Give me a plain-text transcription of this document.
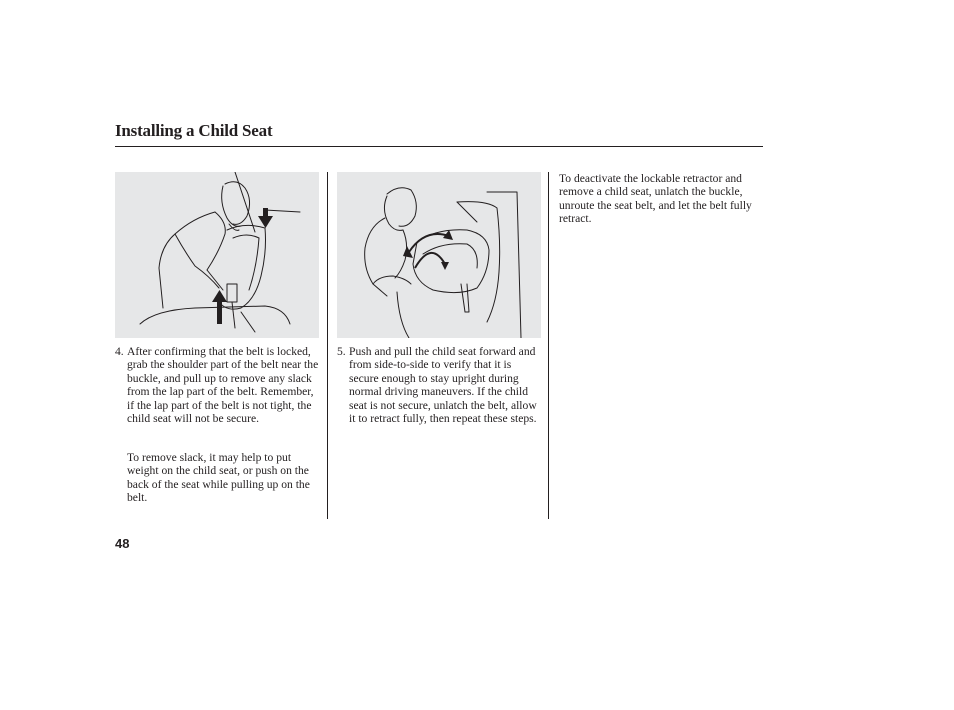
Installing a Child Seat
4. After confirming that the belt is locked, grab the shoulder part of the belt near the buckle, and pull up to remove any slack from the lap part of the belt. Remember, if the lap part of the belt is not tight, the child seat will not be secure.
To remove slack, it may help to put weight on the child seat, or push on the back of the seat while pulling up on the belt.
5. Push and pull the child seat forward and from side-to-side to verify that it is secure enough to stay upright during normal driving maneuvers. If the child seat is not secure, unlatch the belt, allow it to retract fully, then repeat these steps.
To deactivate the lockable retractor and remove a child seat, unlatch the buckle, unroute the seat belt, and let the belt fully retract.
48
